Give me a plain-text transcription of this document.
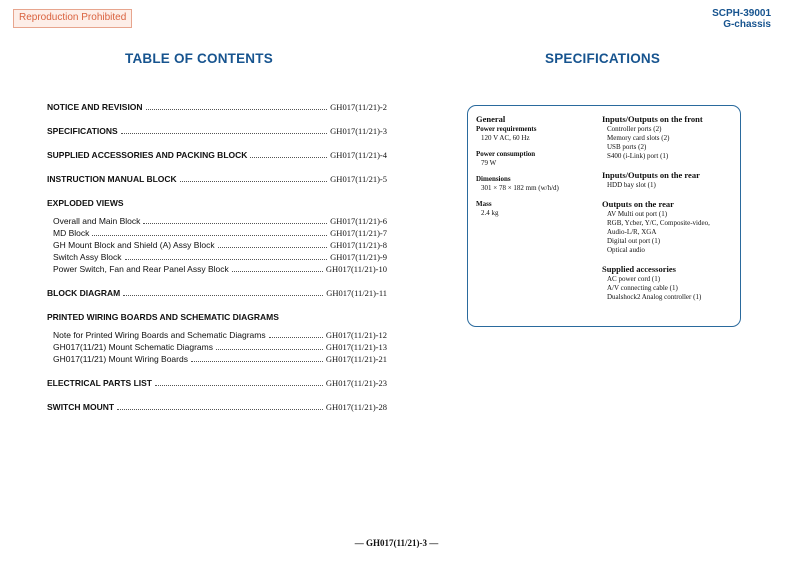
Reproduction Prohibited	SCPH-39001
G-chassis
TABLE OF CONTENTS	SPECIFICATIONS
NOTICE AND REVISION	GH017(11/21)-2
SPECIFICATIONS	GH017(11/21)-3
SUPPLIED ACCESSORIES AND PACKING BLOCK	GH017(11/21)-4
INSTRUCTION MANUAL BLOCK	GH017(11/21)-5
EXPLODED VIEWS
Overall and Main Block	GH017(11/21)-6
MD Block	GH017(11/21)-7
GH Mount Block and Shield (A) Assy Block	GH017(11/21)-8
Switch Assy Block	GH017(11/21)-9
Power Switch, Fan and Rear Panel Assy Block	GH017(11/21)-10
BLOCK DIAGRAM	GH017(11/21)-11
PRINTED WIRING BOARDS AND SCHEMATIC DIAGRAMS
Note for Printed Wiring Boards and Schematic Diagrams	GH017(11/21)-12
GH017(11/21) Mount Schematic Diagrams	GH017(11/21)-13
GH017(11/21) Mount Wiring Boards	GH017(11/21)-21
ELECTRICAL PARTS LIST	GH017(11/21)-23
SWITCH MOUNT	GH017(11/21)-28
General
Power requirements
120 V AC, 60 Hz
Power consumption
79 W
Dimensions
301 × 78 × 182 mm (w/h/d)
Mass
2.4 kg
Inputs/Outputs on the front
Controller ports (2)
Memory card slots (2)
USB ports (2)
S400 (i-Link) port (1)
Inputs/Outputs on the rear
HDD bay slot (1)
Outputs on the rear
AV Multi out port (1)
RGB, Ycber, Y/C, Composite-video,
Audio-L/R, XGA
Digital out port (1)
Optical audio
Supplied accessories
AC power cord (1)
A/V connecting cable (1)
Dualshock2 Analog controller (1)
— GH017(11/21)-3 —
